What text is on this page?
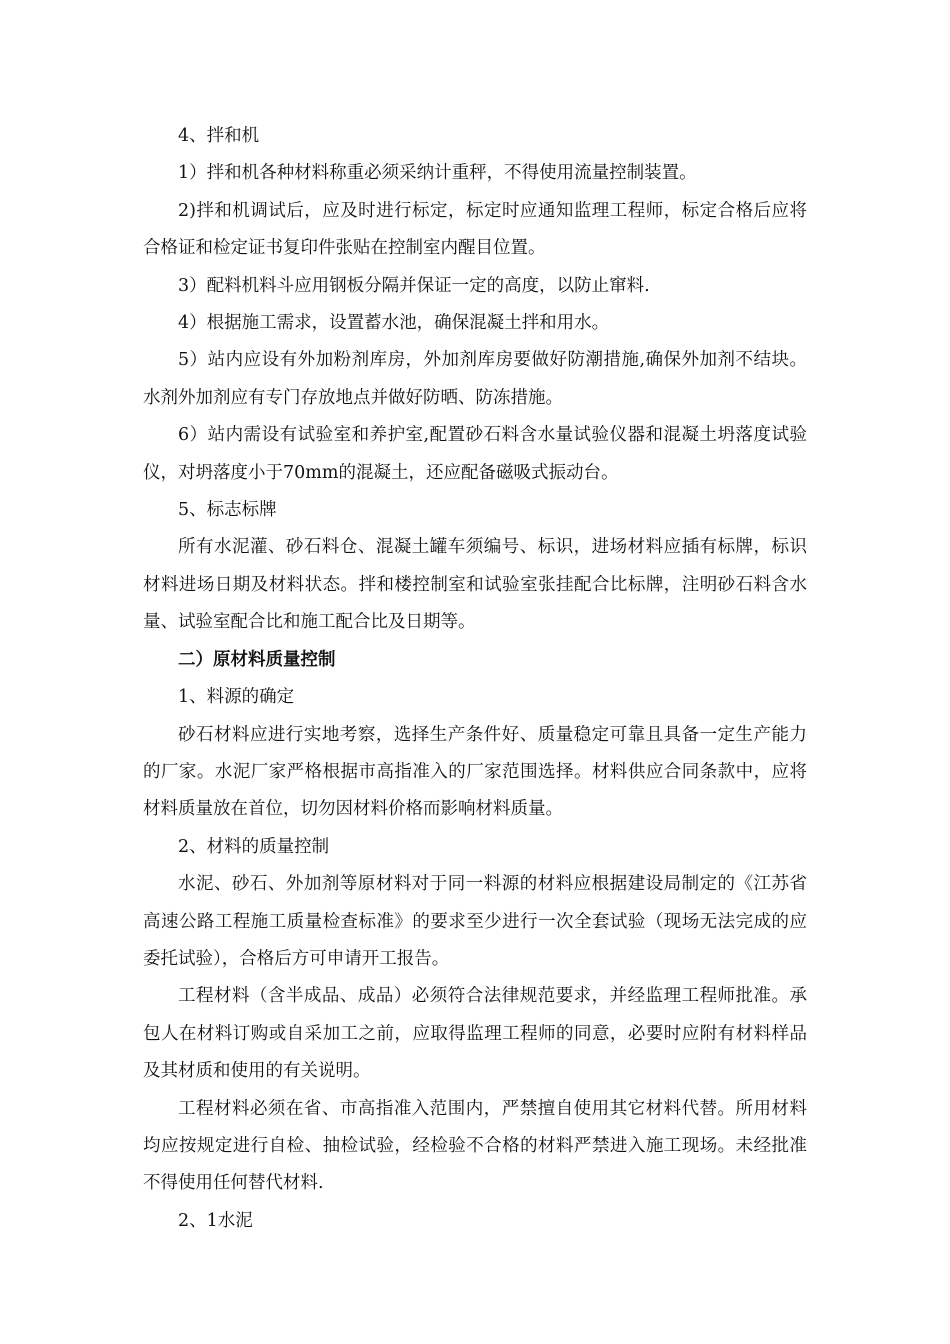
4、拌和机

1）拌和机各种材料称重必须采纳计重秤，不得使用流量控制装置。

2)拌和机调试后，应及时进行标定，标定时应通知监理工程师，标定合格后应将合格证和检定证书复印件张贴在控制室内醒目位置。

3）配料机料斗应用钢板分隔并保证一定的高度，以防止窜料.

4）根据施工需求，设置蓄水池，确保混凝土拌和用水。

5）站内应设有外加粉剂库房，外加剂库房要做好防潮措施,确保外加剂不结块。水剂外加剂应有专门存放地点并做好防晒、防冻措施。

6）站内需设有试验室和养护室,配置砂石料含水量试验仪器和混凝土坍落度试验仪，对坍落度小于70mm的混凝土，还应配备磁吸式振动台。

5、标志标牌

所有水泥灌、砂石料仓、混凝土罐车须编号、标识，进场材料应插有标牌，标识材料进场日期及材料状态。拌和楼控制室和试验室张挂配合比标牌，注明砂石料含水量、试验室配合比和施工配合比及日期等。

二）原材料质量控制

1、料源的确定

砂石材料应进行实地考察，选择生产条件好、质量稳定可靠且具备一定生产能力的厂家。水泥厂家严格根据市高指准入的厂家范围选择。材料供应合同条款中，应将材料质量放在首位，切勿因材料价格而影响材料质量。

2、材料的质量控制

水泥、砂石、外加剂等原材料对于同一料源的材料应根据建设局制定的《江苏省高速公路工程施工质量检查标准》的要求至少进行一次全套试验（现场无法完成的应委托试验），合格后方可申请开工报告。

工程材料（含半成品、成品）必须符合法律规范要求，并经监理工程师批准。承包人在材料订购或自采加工之前，应取得监理工程师的同意，必要时应附有材料样品及其材质和使用的有关说明。

工程材料必须在省、市高指准入范围内，严禁擅自使用其它材料代替。所用材料均应按规定进行自检、抽检试验，经检验不合格的材料严禁进入施工现场。未经批准不得使用任何替代材料.

2、1水泥
